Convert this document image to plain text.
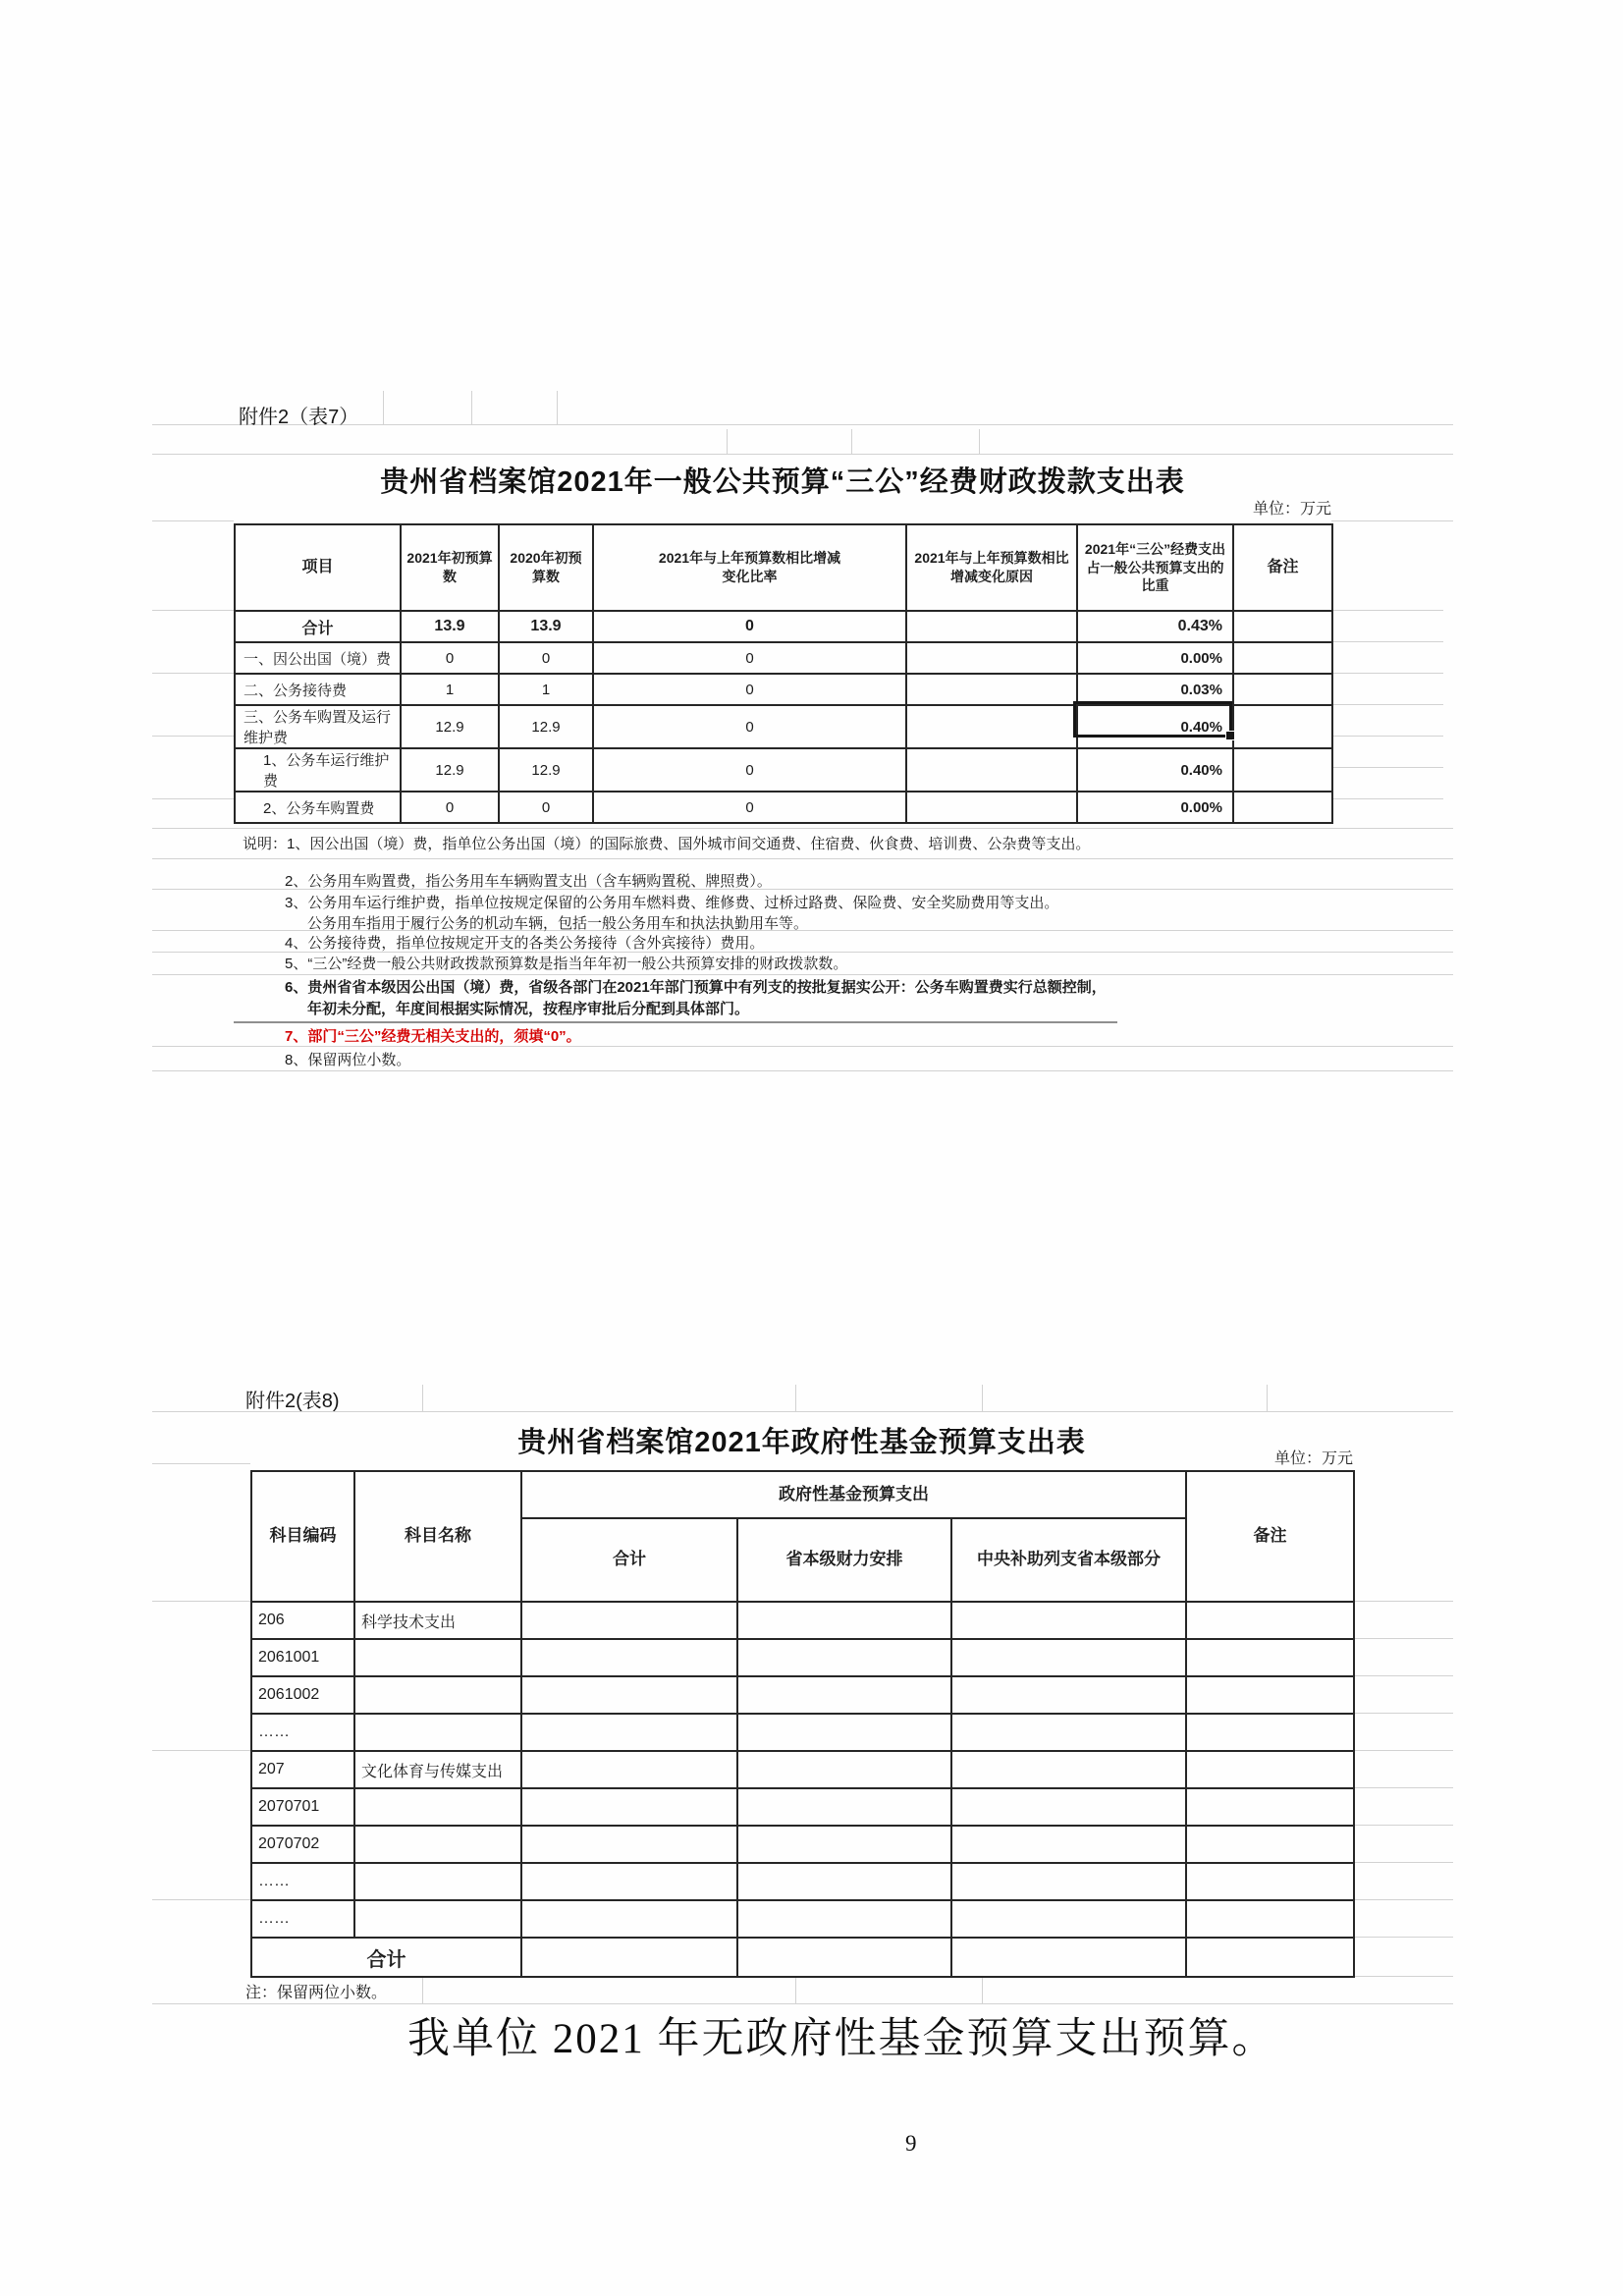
附件2（表7）
贵州省档案馆2021年一般公共预算“三公”经费财政拨款支出表
单位：万元
项目	2021年初预算数	2020年初预算数	2021年与上年预算数相比增减变化比率	2021年与上年预算数相比增减变化原因	2021年“三公”经费支出占一般公共预算支出的比重	备注
合计	13.9	13.9	0		0.43%	
一、因公出国（境）费	0	0	0		0.00%	
二、公务接待费	1	1	0		0.03%	
三、公务车购置及运行维护费	12.9	12.9	0		0.40%	
1、公务车运行维护费	12.9	12.9	0		0.40%	
2、公务车购置费	0	0	0		0.00%	
说明：1、因公出国（境）费，指单位公务出国（境）的国际旅费、国外城市间交通费、住宿费、伙食费、培训费、公杂费等支出。
2、公务用车购置费，指公务用车车辆购置支出（含车辆购置税、牌照费）。
3、公务用车运行维护费，指单位按规定保留的公务用车燃料费、维修费、过桥过路费、保险费、安全奖励费用等支出。
公务用车指用于履行公务的机动车辆，包括一般公务用车和执法执勤用车等。
4、公务接待费，指单位按规定开支的各类公务接待（含外宾接待）费用。
5、“三公”经费一般公共财政拨款预算数是指当年年初一般公共预算安排的财政拨款数。
6、贵州省省本级因公出国（境）费，省级各部门在2021年部门预算中有列支的按批复据实公开：公务车购置费实行总额控制，
年初未分配，年度间根据实际情况，按程序审批后分配到具体部门。
7、部门“三公”经费无相关支出的，须填“0”。
8、保留两位小数。
附件2(表8)
贵州省档案馆2021年政府性基金预算支出表
单位：万元
科目编码	科目名称	政府性基金预算支出			备注
		合计	省本级财力安排	中央补助列支省本级部分	
206	科学技术支出				
2061001					
2061002					
……					
207	文化体育与传媒支出				
2070701					
2070702					
……					
……					
合计					
注：保留两位小数。
我单位 2021 年无政府性基金预算支出预算。
9
